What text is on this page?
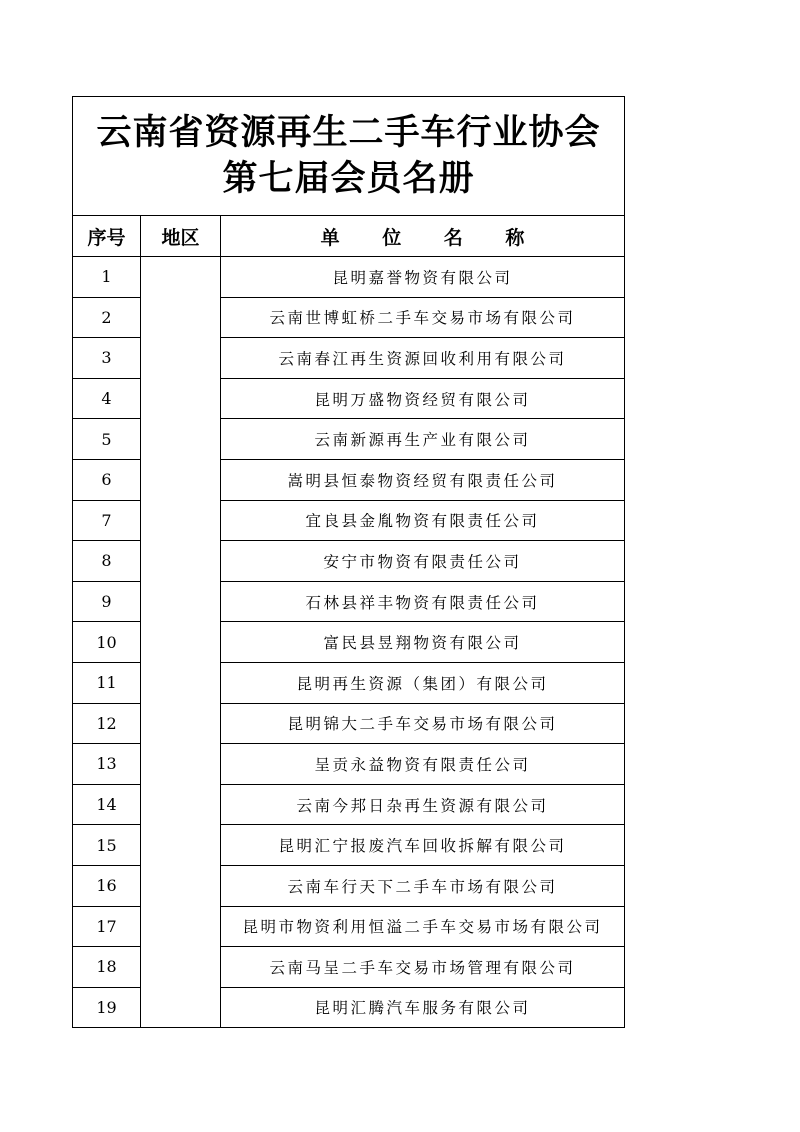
云南省资源再生二手车行业协会
第七届会员名册		

序号	地区	单 位 名 称
1		昆明嘉誉物资有限公司
2		云南世博虹桥二手车交易市场有限公司
3		云南春江再生资源回收利用有限公司
4		昆明万盛物资经贸有限公司
5		云南新源再生产业有限公司
6		嵩明县恒泰物资经贸有限责任公司
7		宜良县金胤物资有限责任公司
8		安宁市物资有限责任公司
9		石林县祥丰物资有限责任公司
10		富民县昱翔物资有限公司
11		昆明再生资源（集团）有限公司
12		昆明锦大二手车交易市场有限公司
13		呈贡永益物资有限责任公司
14		云南今邦日杂再生资源有限公司
15		昆明汇宁报废汽车回收拆解有限公司
16		云南车行天下二手车市场有限公司
17		昆明市物资利用恒溢二手车交易市场有限公司
18		云南马呈二手车交易市场管理有限公司
19		昆明汇腾汽车服务有限公司
